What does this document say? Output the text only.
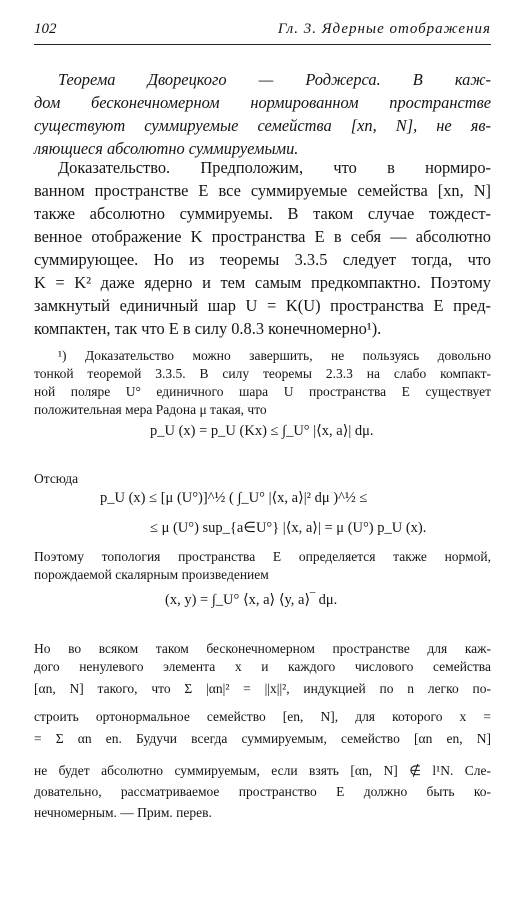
102	Гл. 3. Ядерные отображения
Теорема Дворецкого — Роджерса. В каж-
дом бесконечномерном нормированном пространстве
существуют суммируемые семейства [xn, N], не яв-
ляющиеся абсолютно суммируемыми.
Доказательство. Предположим, что в нормиро-
ванном пространстве E все суммируемые семейства [xn, N]
также абсолютно суммируемы. В таком случае тождест-
венное отображение K пространства E в себя — абсолютно
суммирующее. Но из теоремы 3.3.5 следует тогда, что
K = K² даже ядерно и тем самым предкомпактно. Поэтому
замкнутый единичный шар U = K(U) пространства E пред-
компактен, так что E в силу 0.8.3 конечномерно¹).
¹) Доказательство можно завершить, не пользуясь довольно
тонкой теоремой 3.3.5. В силу теоремы 2.3.3 на слабо компакт-
ной поляре U° единичного шара U пространства E существует
положительная мера Радона μ такая, что
p_U (x) = p_U (Kx) ≤ ∫_U° |⟨x, a⟩| dμ.
Отсюда
p_U (x) ≤ [μ (U°)]^½ ( ∫_U° |⟨x, a⟩|² dμ )^½ ≤
≤ μ (U°) sup_{a∈U°} |⟨x, a⟩| = μ (U°) p_U (x).
Поэтому топология пространства E определяется также нормой,
порождаемой скалярным произведением
(x, y) = ∫_U° ⟨x, a⟩ ⟨y, a⟩‾ dμ.
Но во всяком таком бесконечномерном пространстве для каж-
дого ненулевого элемента x и каждого числового семейства
[αn, N] такого, что Σ |αn|² = ||x||², индукцией по n легко по-
строить ортонормальное семейство [en, N], для которого x =
= Σ αn en. Будучи всегда суммируемым, семейство [αn en, N]
не будет абсолютно суммируемым, если взять [αn, N] ∉ l¹N. Сле-
довательно, рассматриваемое пространство E должно быть ко-
нечномерным. — Прим. перев.
